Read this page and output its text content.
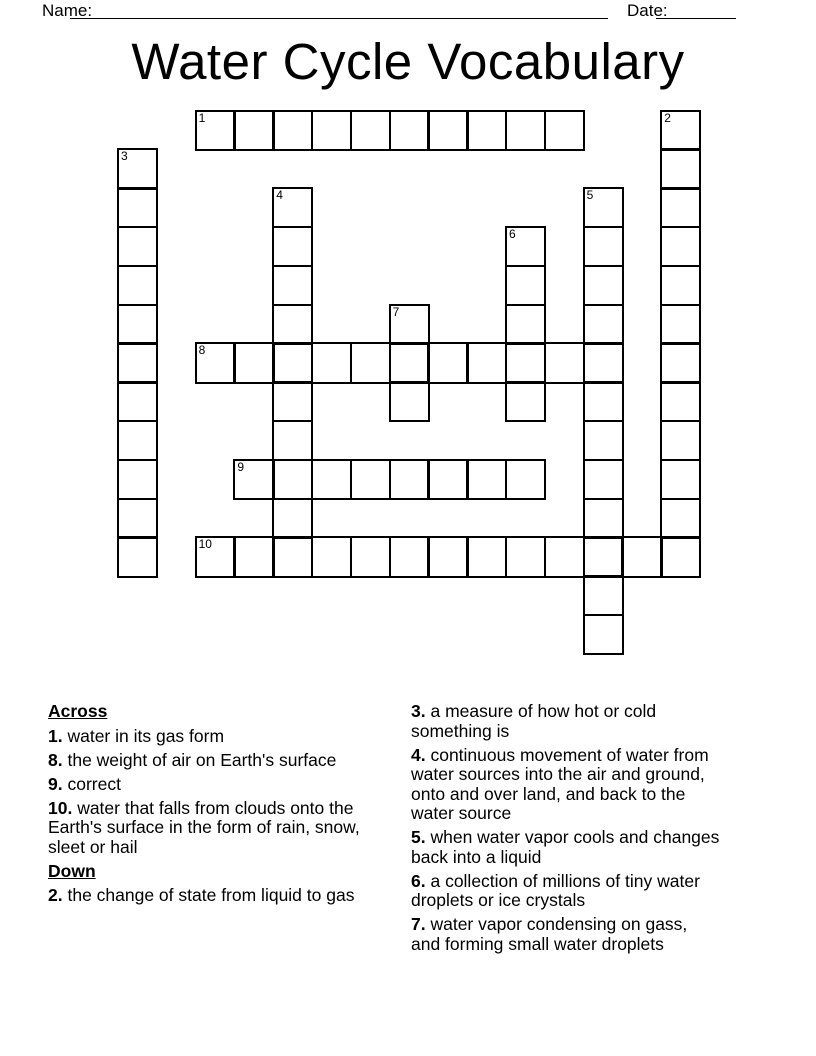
Name:	Date:
Water Cycle Vocabulary
1	2
3
4	5
6
7
8
9
10
Across
1. water in its gas form
8. the weight of air on Earth's surface
9. correct
10. water that falls from clouds onto the Earth's surface in the form of rain, snow, sleet or hail
Down
2. the change of state from liquid to gas
3. a measure of how hot or cold something is
4. continuous movement of water from water sources into the air and ground, onto and over land, and back to the water source
5. when water vapor cools and changes back into a liquid
6. a collection of millions of tiny water droplets or ice crystals
7. water vapor condensing on gass, and forming small water droplets
